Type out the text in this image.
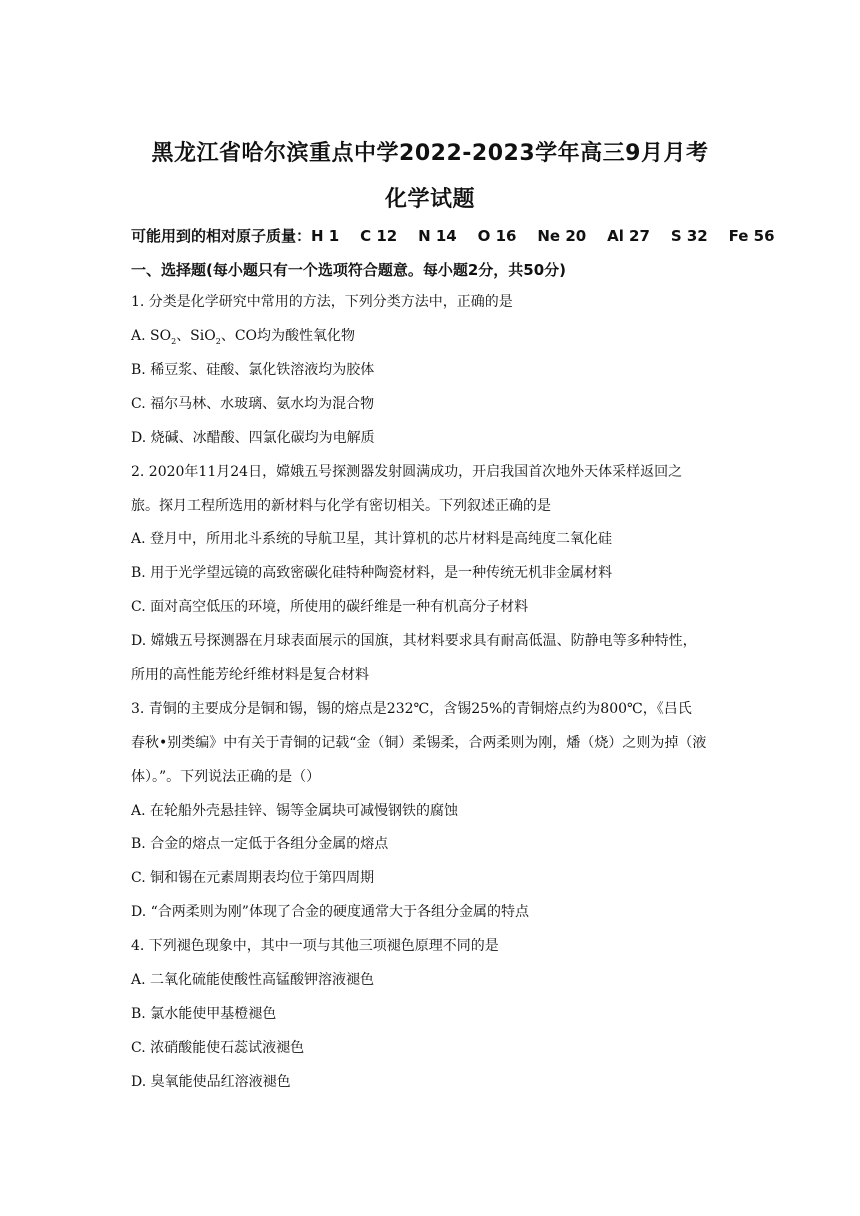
黑龙江省哈尔滨重点中学2022-2023学年高三9月月考
化学试题
可能用到的相对原子质量：H 1    C 12    N 14    O 16    Ne 20    Al 27    S 32    Fe 56
一、选择题(每小题只有一个选项符合题意。每小题2分，共50分)
1. 分类是化学研究中常用的方法，下列分类方法中，正确的是
A. $SO_2$、SiO$_2$、CO均为酸性氧化物
B. 稀豆浆、硅酸、氯化铁溶液均为胶体
C. 福尔马林、水玻璃、氨水均为混合物
D. 烧碱、冰醋酸、四氯化碳均为电解质
2. 2020年11月24日，嫦娥五号探测器发射圆满成功，开启我国首次地外天体采样返回之
旅。探月工程所选用的新材料与化学有密切相关。下列叙述正确的是
A. 登月中，所用北斗系统的导航卫星，其计算机的芯片材料是高纯度二氧化硅
B. 用于光学望远镜的高致密碳化硅特种陶瓷材料，是一种传统无机非金属材料
C. 面对高空低压的环境，所使用的碳纤维是一种有机高分子材料
D. 嫦娥五号探测器在月球表面展示的国旗，其材料要求具有耐高低温、防静电等多种特性，
所用的高性能芳纶纤维材料是复合材料
3. 青铜的主要成分是铜和锡，锡的熔点是232℃，含锡25%的青铜熔点约为800℃，《吕氏
春秋•别类编》中有关于青铜的记载“金（铜）柔锡柔，合两柔则为刚，燔（烧）之则为掉（液
体）。”。下列说法正确的是（）
A. 在轮船外壳悬挂锌、锡等金属块可减慢钢铁的腐蚀
B. 合金的熔点一定低于各组分金属的熔点
C. 铜和锡在元素周期表均位于第四周期
D. “合两柔则为刚”体现了合金的硬度通常大于各组分金属的特点
4. 下列褪色现象中，其中一项与其他三项褪色原理不同的是
A. 二氧化硫能使酸性高锰酸钾溶液褪色
B. 氯水能使甲基橙褪色
C. 浓硝酸能使石蕊试液褪色
D. 臭氧能使品红溶液褪色
